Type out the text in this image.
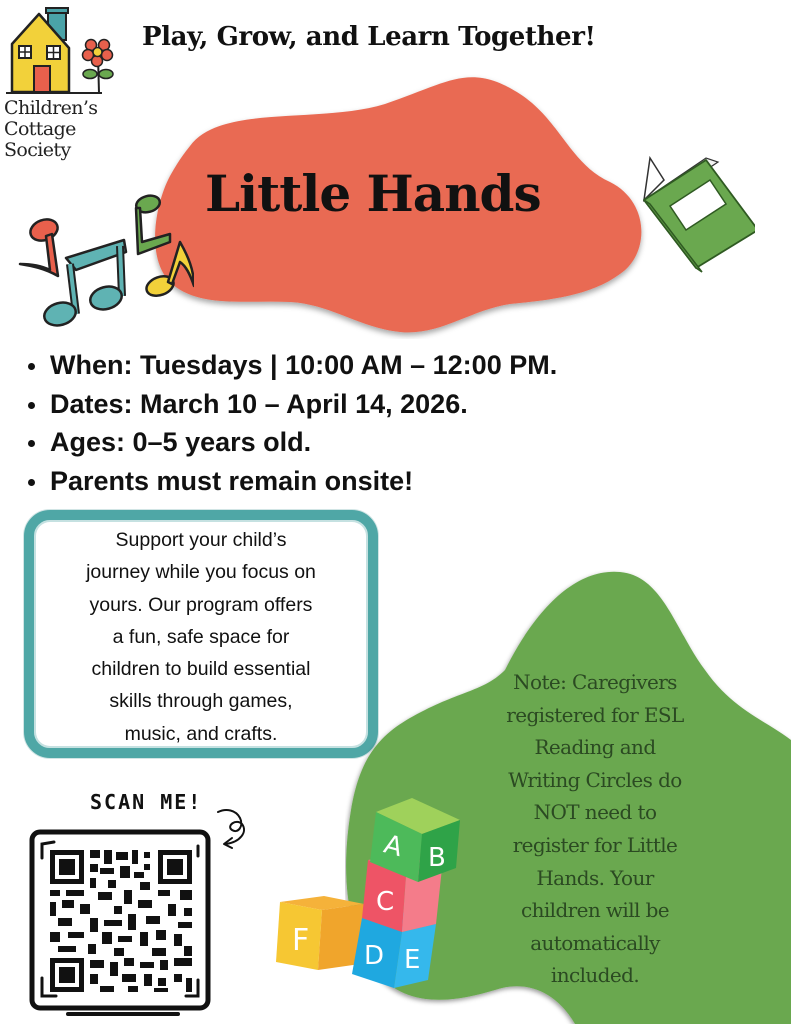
Children’s
Cottage
Society
Play, Grow, and Learn Together!
Little Hands
When: Tuesdays | 10:00 AM – 12:00 PM.
Dates: March 10 – April 14, 2026.
Ages: 0–5 years old.
Parents must remain onsite!
Support your child’s
journey while you focus on
yours. Our program offers
a fun, safe space for
children to build essential
skills through games,
music, and crafts.
Note: Caregivers
registered for ESL
Reading and
Writing Circles do
NOT need to
register for Little
Hands. Your
children will be
automatically
included.
F D E
C
A B
SCAN ME!
